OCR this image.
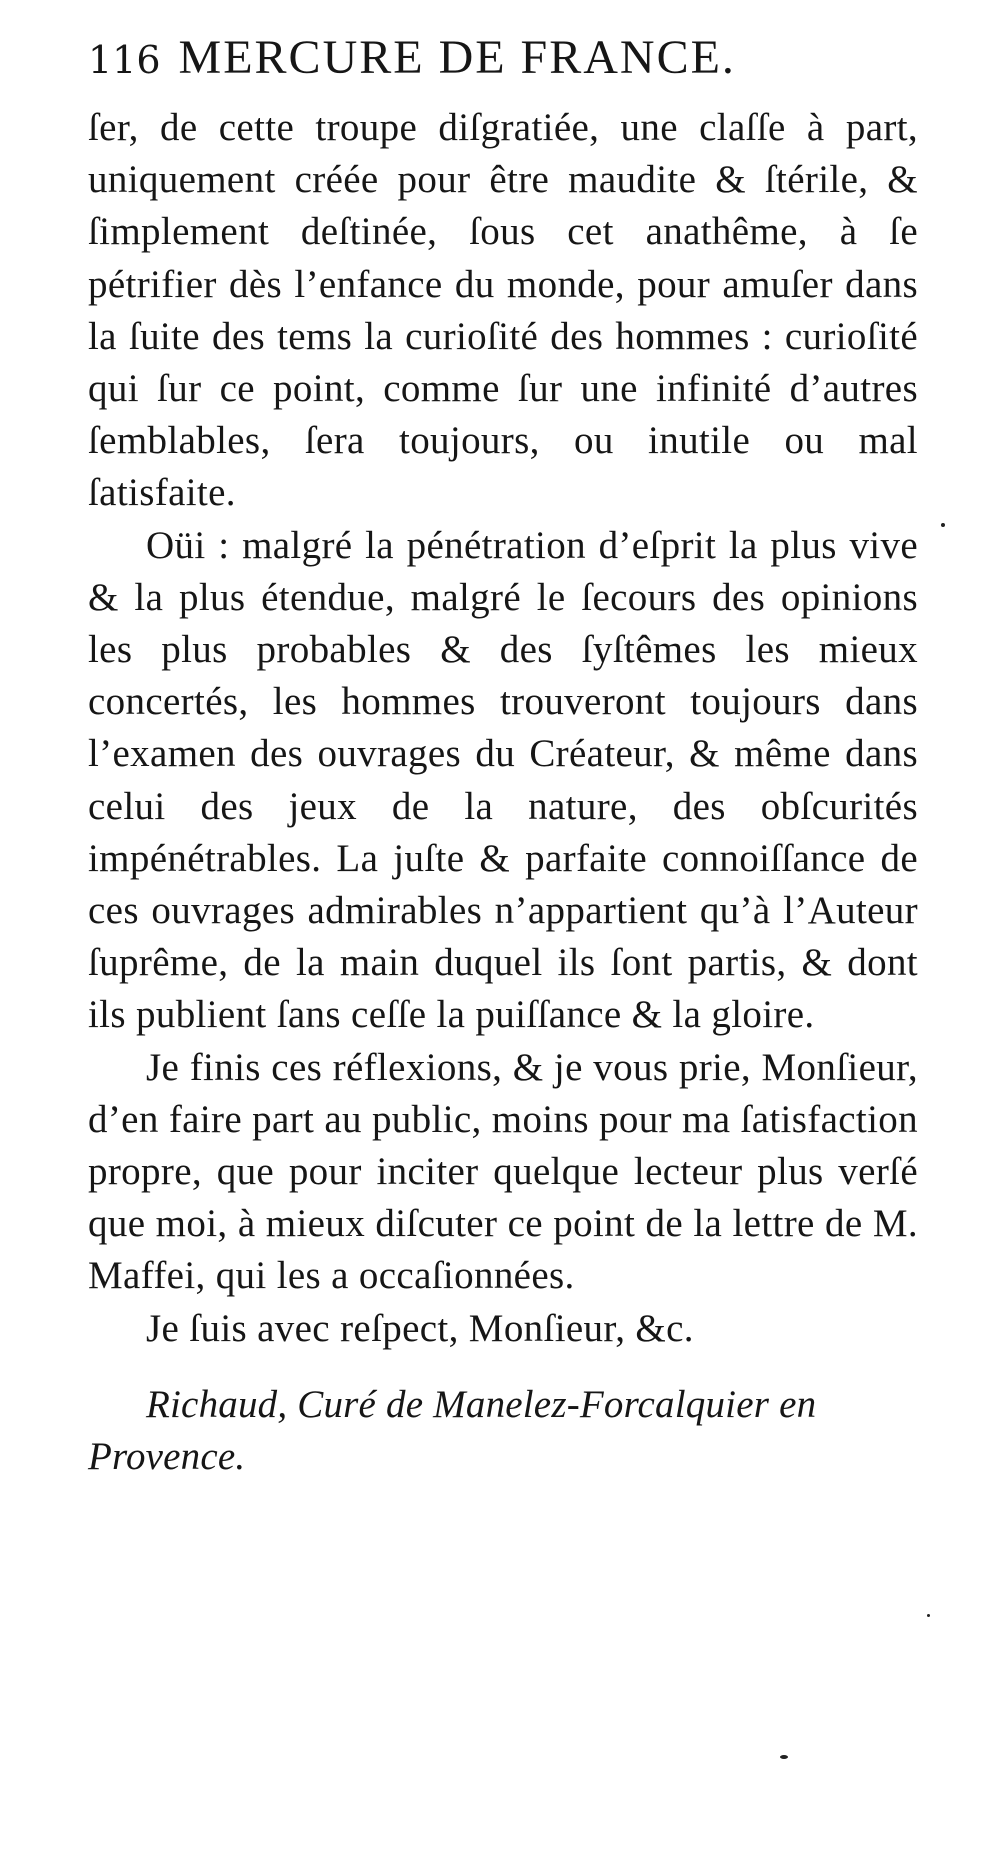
116 MERCURE DE FRANCE.

ſer, de cette troupe diſgratiée, une claſſe à part, uniquement créée pour être maudite & ſtérile, & ſimplement deſtinée, ſous cet anathême, à ſe pétrifier dès l’enfance du monde, pour amuſer dans la ſuite des tems la curioſité des hommes : curioſité qui ſur ce point, comme ſur une infinité d’autres ſemblables, ſera toujours, ou inutile ou mal ſatisfaite.

Oüi : malgré la pénétration d’eſprit la plus vive & la plus étendue, malgré le ſecours des opinions les plus probables & des ſyſtêmes les mieux concertés, les hommes trouveront toujours dans l’examen des ouvrages du Créateur, & même dans celui des jeux de la nature, des obſcurités impénétrables. La juſte & parfaite connoiſſance de ces ouvrages admirables n’appartient qu’à l’Auteur ſuprême, de la main duquel ils ſont partis, & dont ils publient ſans ceſſe la puiſſance & la gloire.

Je finis ces réflexions, & je vous prie, Monſieur, d’en faire part au public, moins pour ma ſatisfaction propre, que pour inciter quelque lecteur plus verſé que moi, à mieux diſcuter ce point de la lettre de M. Maffei, qui les a occaſionnées.

Je ſuis avec reſpect, Monſieur, &c.

Richaud, Curé de Manelez-Forcalquier en Provence.
